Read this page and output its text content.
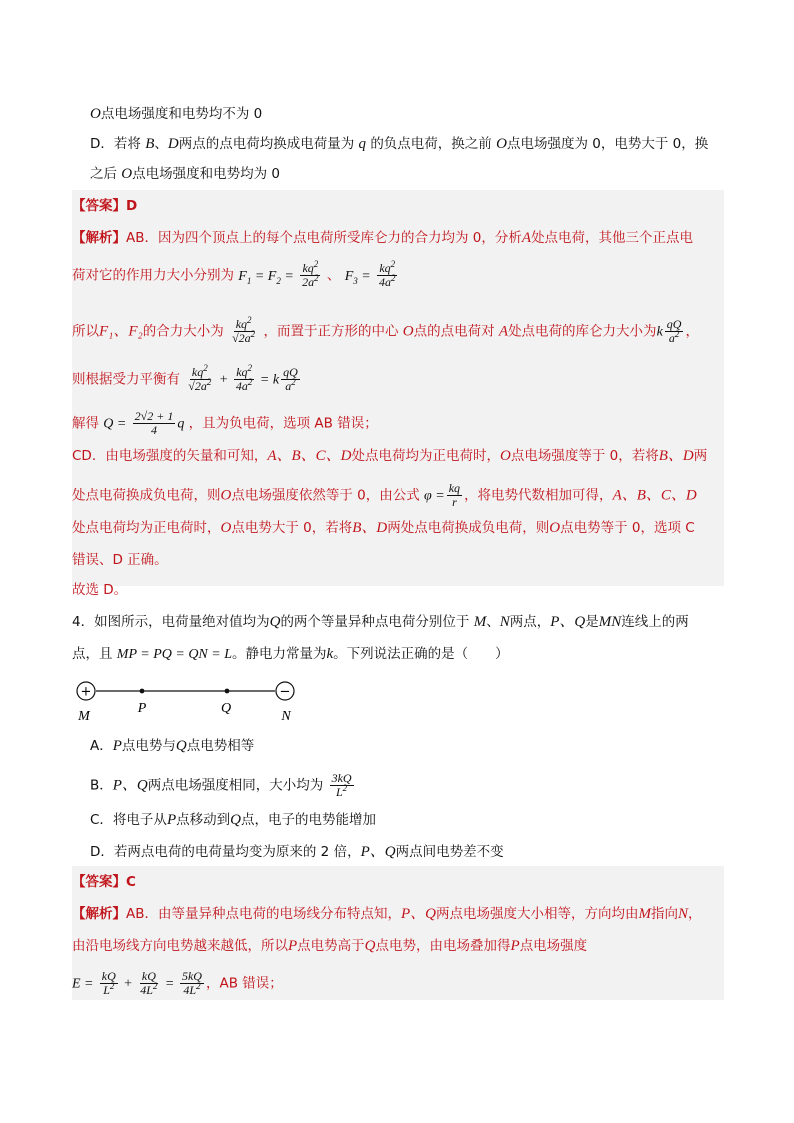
O点电场强度和电势均不为 0
D．若将 B、D两点的点电荷均换成电荷量为 q 的负点电荷，换之前 O点电场强度为 0，电势大于 0，换
之后 O点电场强度和电势均为 0
【答案】D
【解析】AB．因为四个顶点上的每个点电荷所受库仑力的合力均为 0，分析A处点电荷，其他三个正点电
荷对它的作用力大小分别为 $F_1 = F_2 = \frac{kq^2}{2a^2}$ 、 $F_3 = \frac{kq^2}{4a^2}$
所以F₁、F₂的合力大小为 $\frac{kq^2}{√2a^2}$ ，而置于正方形的中心 O点的点电荷对 A处点电荷的库仑力大小为k $\frac{qQ}{a^2}$ ，
则根据受力平衡有 $\frac{kq^2}{√2a^2} + \frac{kq^2}{4a^2} = k \frac{qQ}{a^2}$
解得 $Q = \frac{2√2 + 1}{4}$ q ，且为负电荷，选项 AB 错误；
CD．由电场强度的矢量和可知，A、B、C、D处点电荷均为正电荷时，O点电场强度等于 0，若将B、D两
处点电荷换成负电荷，则O点电场强度依然等于 0，由公式 $\varphi = \frac{kq}{r}$ ，将电势代数相加可得，A、B、C、D
处点电荷均为正电荷时，O点电势大于 0，若将B、D两处点电荷换成负电荷，则O点电势等于 0，选项 C
错误、D 正确。
故选 D。
4．如图所示，电荷量绝对值均为Q的两个等量异种点电荷分别位于 M、N两点，P、Q是MN连线上的两
点，且 MP = PQ = QN = L。静电力常量为k。下列说法正确的是（　　）
+	−
M
P	Q
N
A．P点电势与Q点电势相等
B．P、Q两点电场强度相同，大小均为 $\frac{3kQ}{L^2}$
C．将电子从P点移动到Q点，电子的电势能增加
D．若两点电荷的电荷量均变为原来的 2 倍，P、Q两点间电势差不变
【答案】C
【解析】AB．由等量异种点电荷的电场线分布特点知，P、Q两点电场强度大小相等，方向均由M指向N，
由沿电场线方向电势越来越低，所以P点电势高于Q点电势，由电场叠加得P点电场强度
$E = \frac{kQ}{L^2} + \frac{kQ}{4L^2} = \frac{5kQ}{4L^2}$ ，AB 错误；
